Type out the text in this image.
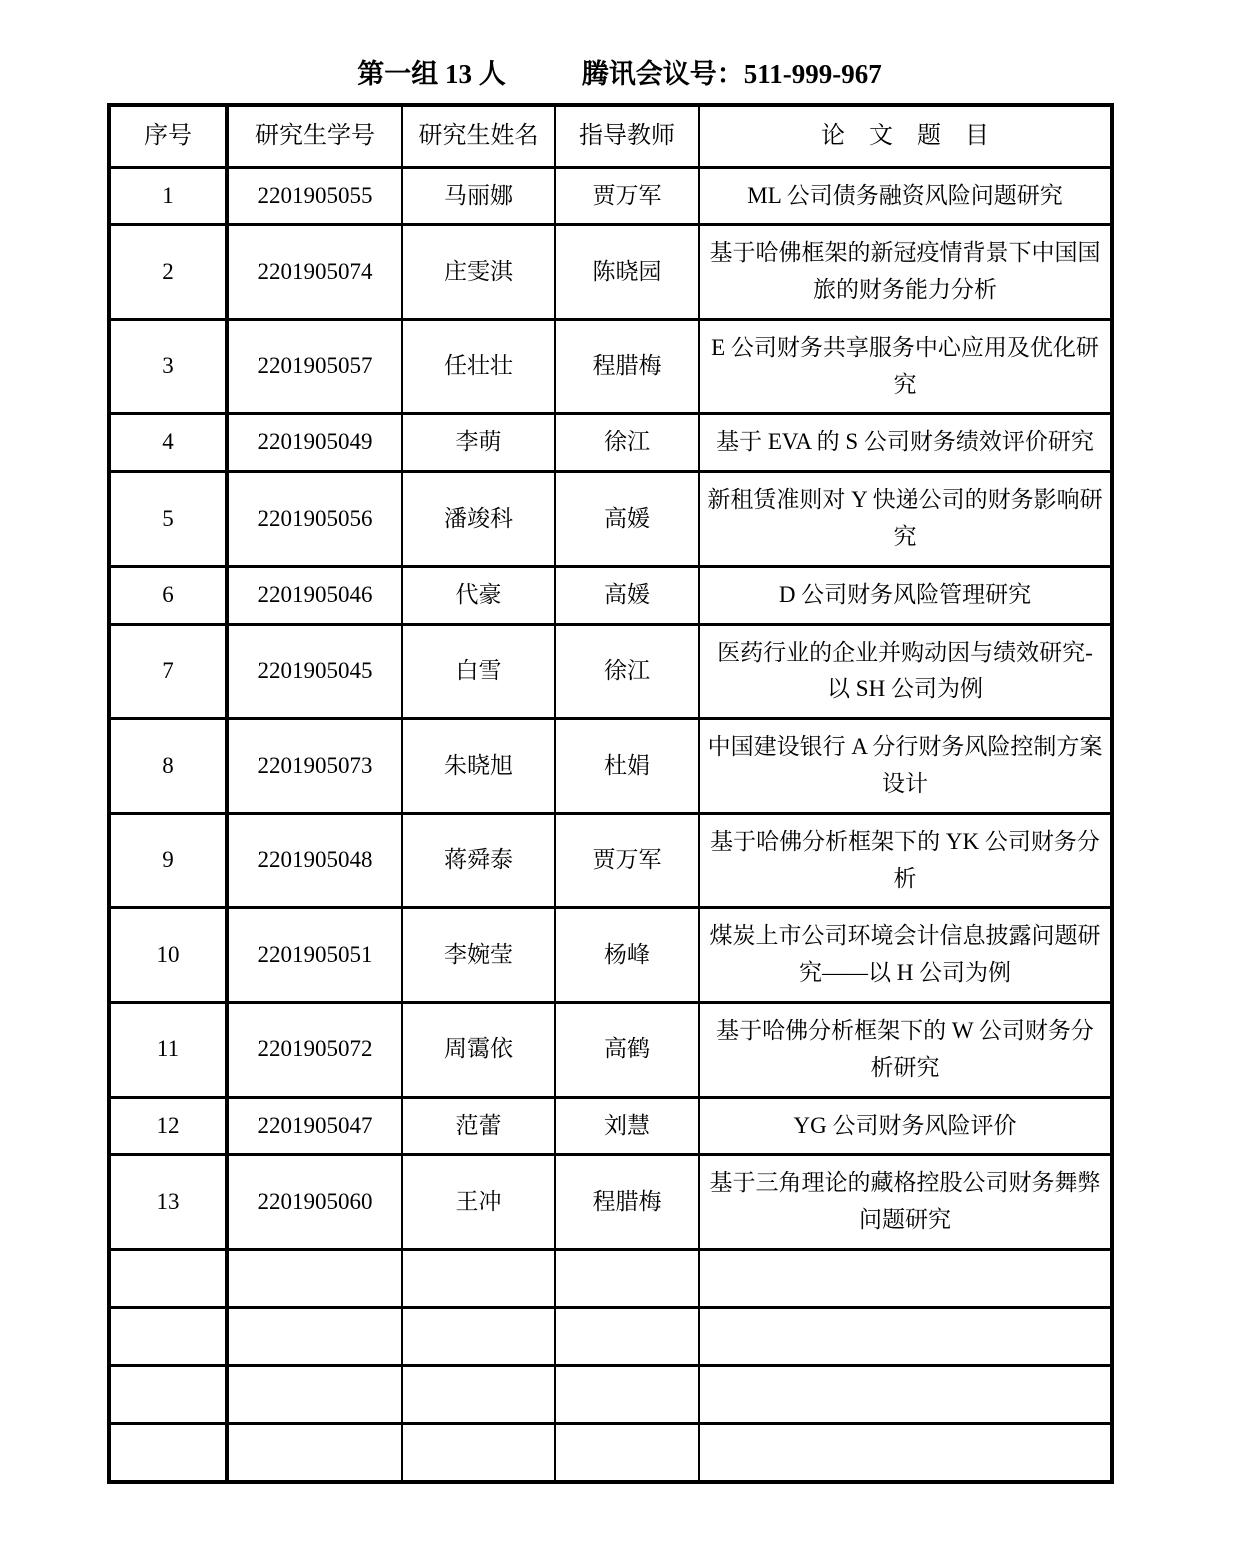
第一组 13 人	腾讯会议号：511-999-967
序号	研究生学号	研究生姓名	指导教师	论　文　题　目
1	2201905055	马丽娜	贾万军	ML 公司债务融资风险问题研究
2	2201905074	庄雯淇	陈晓园	基于哈佛框架的新冠疫情背景下中国国旅的财务能力分析
3	2201905057	任壮壮	程腊梅	E 公司财务共享服务中心应用及优化研究
4	2201905049	李萌	徐江	基于 EVA 的 S 公司财务绩效评价研究
5	2201905056	潘竣科	高媛	新租赁准则对 Y 快递公司的财务影响研究
6	2201905046	代豪	高媛	D 公司财务风险管理研究
7	2201905045	白雪	徐江	医药行业的企业并购动因与绩效研究-以 SH 公司为例
8	2201905073	朱晓旭	杜娟	中国建设银行 A 分行财务风险控制方案设计
9	2201905048	蒋舜泰	贾万军	基于哈佛分析框架下的 YK 公司财务分析
10	2201905051	李婉莹	杨峰	煤炭上市公司环境会计信息披露问题研究——以 H 公司为例
11	2201905072	周霭依	高鹤	基于哈佛分析框架下的 W 公司财务分析研究
12	2201905047	范蕾	刘慧	YG 公司财务风险评价
13	2201905060	王冲	程腊梅	基于三角理论的藏格控股公司财务舞弊问题研究
